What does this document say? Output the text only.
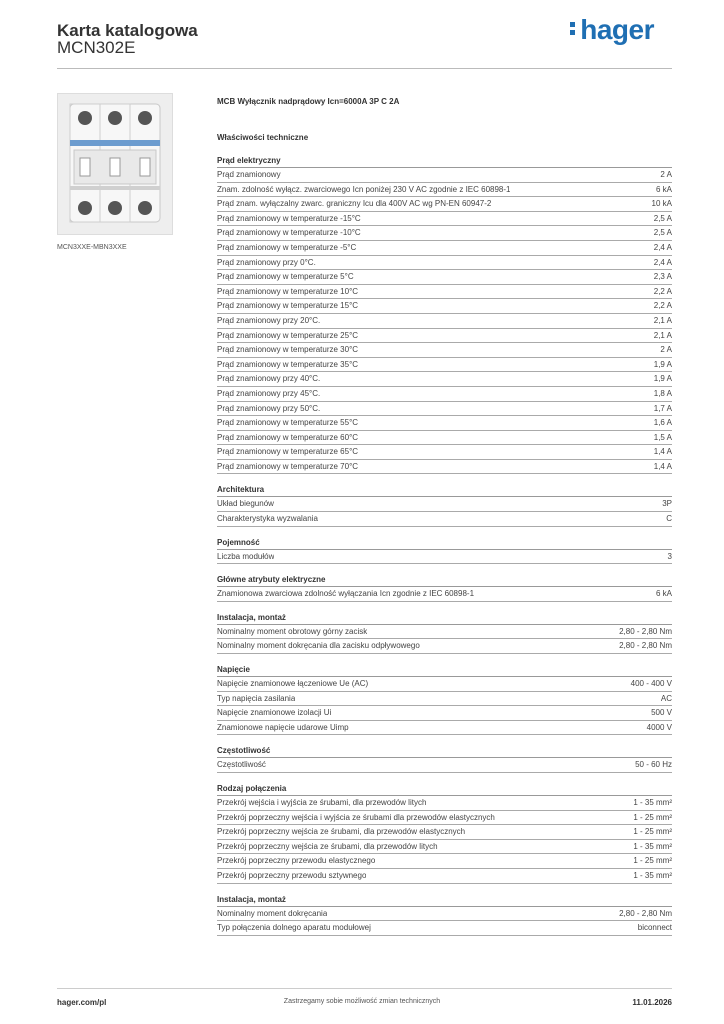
Karta katalogowa
MCN302E
hager
MCN3XXE-MBN3XXE
MCB Wyłącznik nadprądowy Icn=6000A 3P C 2A
Właściwości techniczne
Prąd elektryczny
Prąd znamionowy	2 A
Znam. zdolność wyłącz. zwarciowego Icn poniżej 230 V AC zgodnie z IEC 60898-1	6 kA
Prąd znam. wyłączalny zwarc. graniczny Icu dla 400V AC wg PN-EN 60947-2	10 kA
Prąd znamionowy w temperaturze -15°C	2,5 A
Prąd znamionowy w temperaturze -10°C	2,5 A
Prąd znamionowy w temperaturze -5°C	2,4 A
Prąd znamionowy przy 0°C.	2,4 A
Prąd znamionowy w temperaturze 5°C	2,3 A
Prąd znamionowy w temperaturze 10°C	2,2 A
Prąd znamionowy w temperaturze 15°C	2,2 A
Prąd znamionowy przy 20°C.	2,1 A
Prąd znamionowy w temperaturze 25°C	2,1 A
Prąd znamionowy w temperaturze 30°C	2 A
Prąd znamionowy w temperaturze 35°C	1,9 A
Prąd znamionowy przy 40°C.	1,9 A
Prąd znamionowy przy 45°C.	1,8 A
Prąd znamionowy przy 50°C.	1,7 A
Prąd znamionowy w temperaturze 55°C	1,6 A
Prąd znamionowy w temperaturze 60°C	1,5 A
Prąd znamionowy w temperaturze 65°C	1,4 A
Prąd znamionowy w temperaturze 70°C	1,4 A
Architektura
Układ biegunów	3P
Charakterystyka wyzwalania	C
Pojemność
Liczba modułów	3
Główne atrybuty elektryczne
Znamionowa zwarciowa zdolność wyłączania Icn zgodnie z IEC 60898-1	6 kA
Instalacja, montaż
Nominalny moment obrotowy górny zacisk	2,80 - 2,80 Nm
Nominalny moment dokręcania dla zacisku odpływowego	2,80 - 2,80 Nm
Napięcie
Napięcie znamionowe łączeniowe Ue (AC)	400 - 400 V
Typ napięcia zasilania	AC
Napięcie znamionowe izolacji Ui	500 V
Znamionowe napięcie udarowe Uimp	4000 V
Częstotliwość
Częstotliwość	50 - 60 Hz
Rodzaj połączenia
Przekrój wejścia i wyjścia ze śrubami, dla przewodów litych	1 - 35 mm²
Przekrój poprzeczny wejścia i wyjścia ze śrubami dla przewodów elastycznych	1 - 25 mm²
Przekrój poprzeczny wejścia ze śrubami, dla przewodów elastycznych	1 - 25 mm²
Przekrój poprzeczny wejścia ze śrubami, dla przewodów litych	1 - 35 mm²
Przekrój poprzeczny przewodu elastycznego	1 - 25 mm²
Przekrój poprzeczny przewodu sztywnego	1 - 35 mm²
Instalacja, montaż
Nominalny moment dokręcania	2,80 - 2,80 Nm
Typ połączenia dolnego aparatu modułowej	biconnect
hager.com/pl	Zastrzegamy sobie możliwość zmian technicznych	11.01.2026
